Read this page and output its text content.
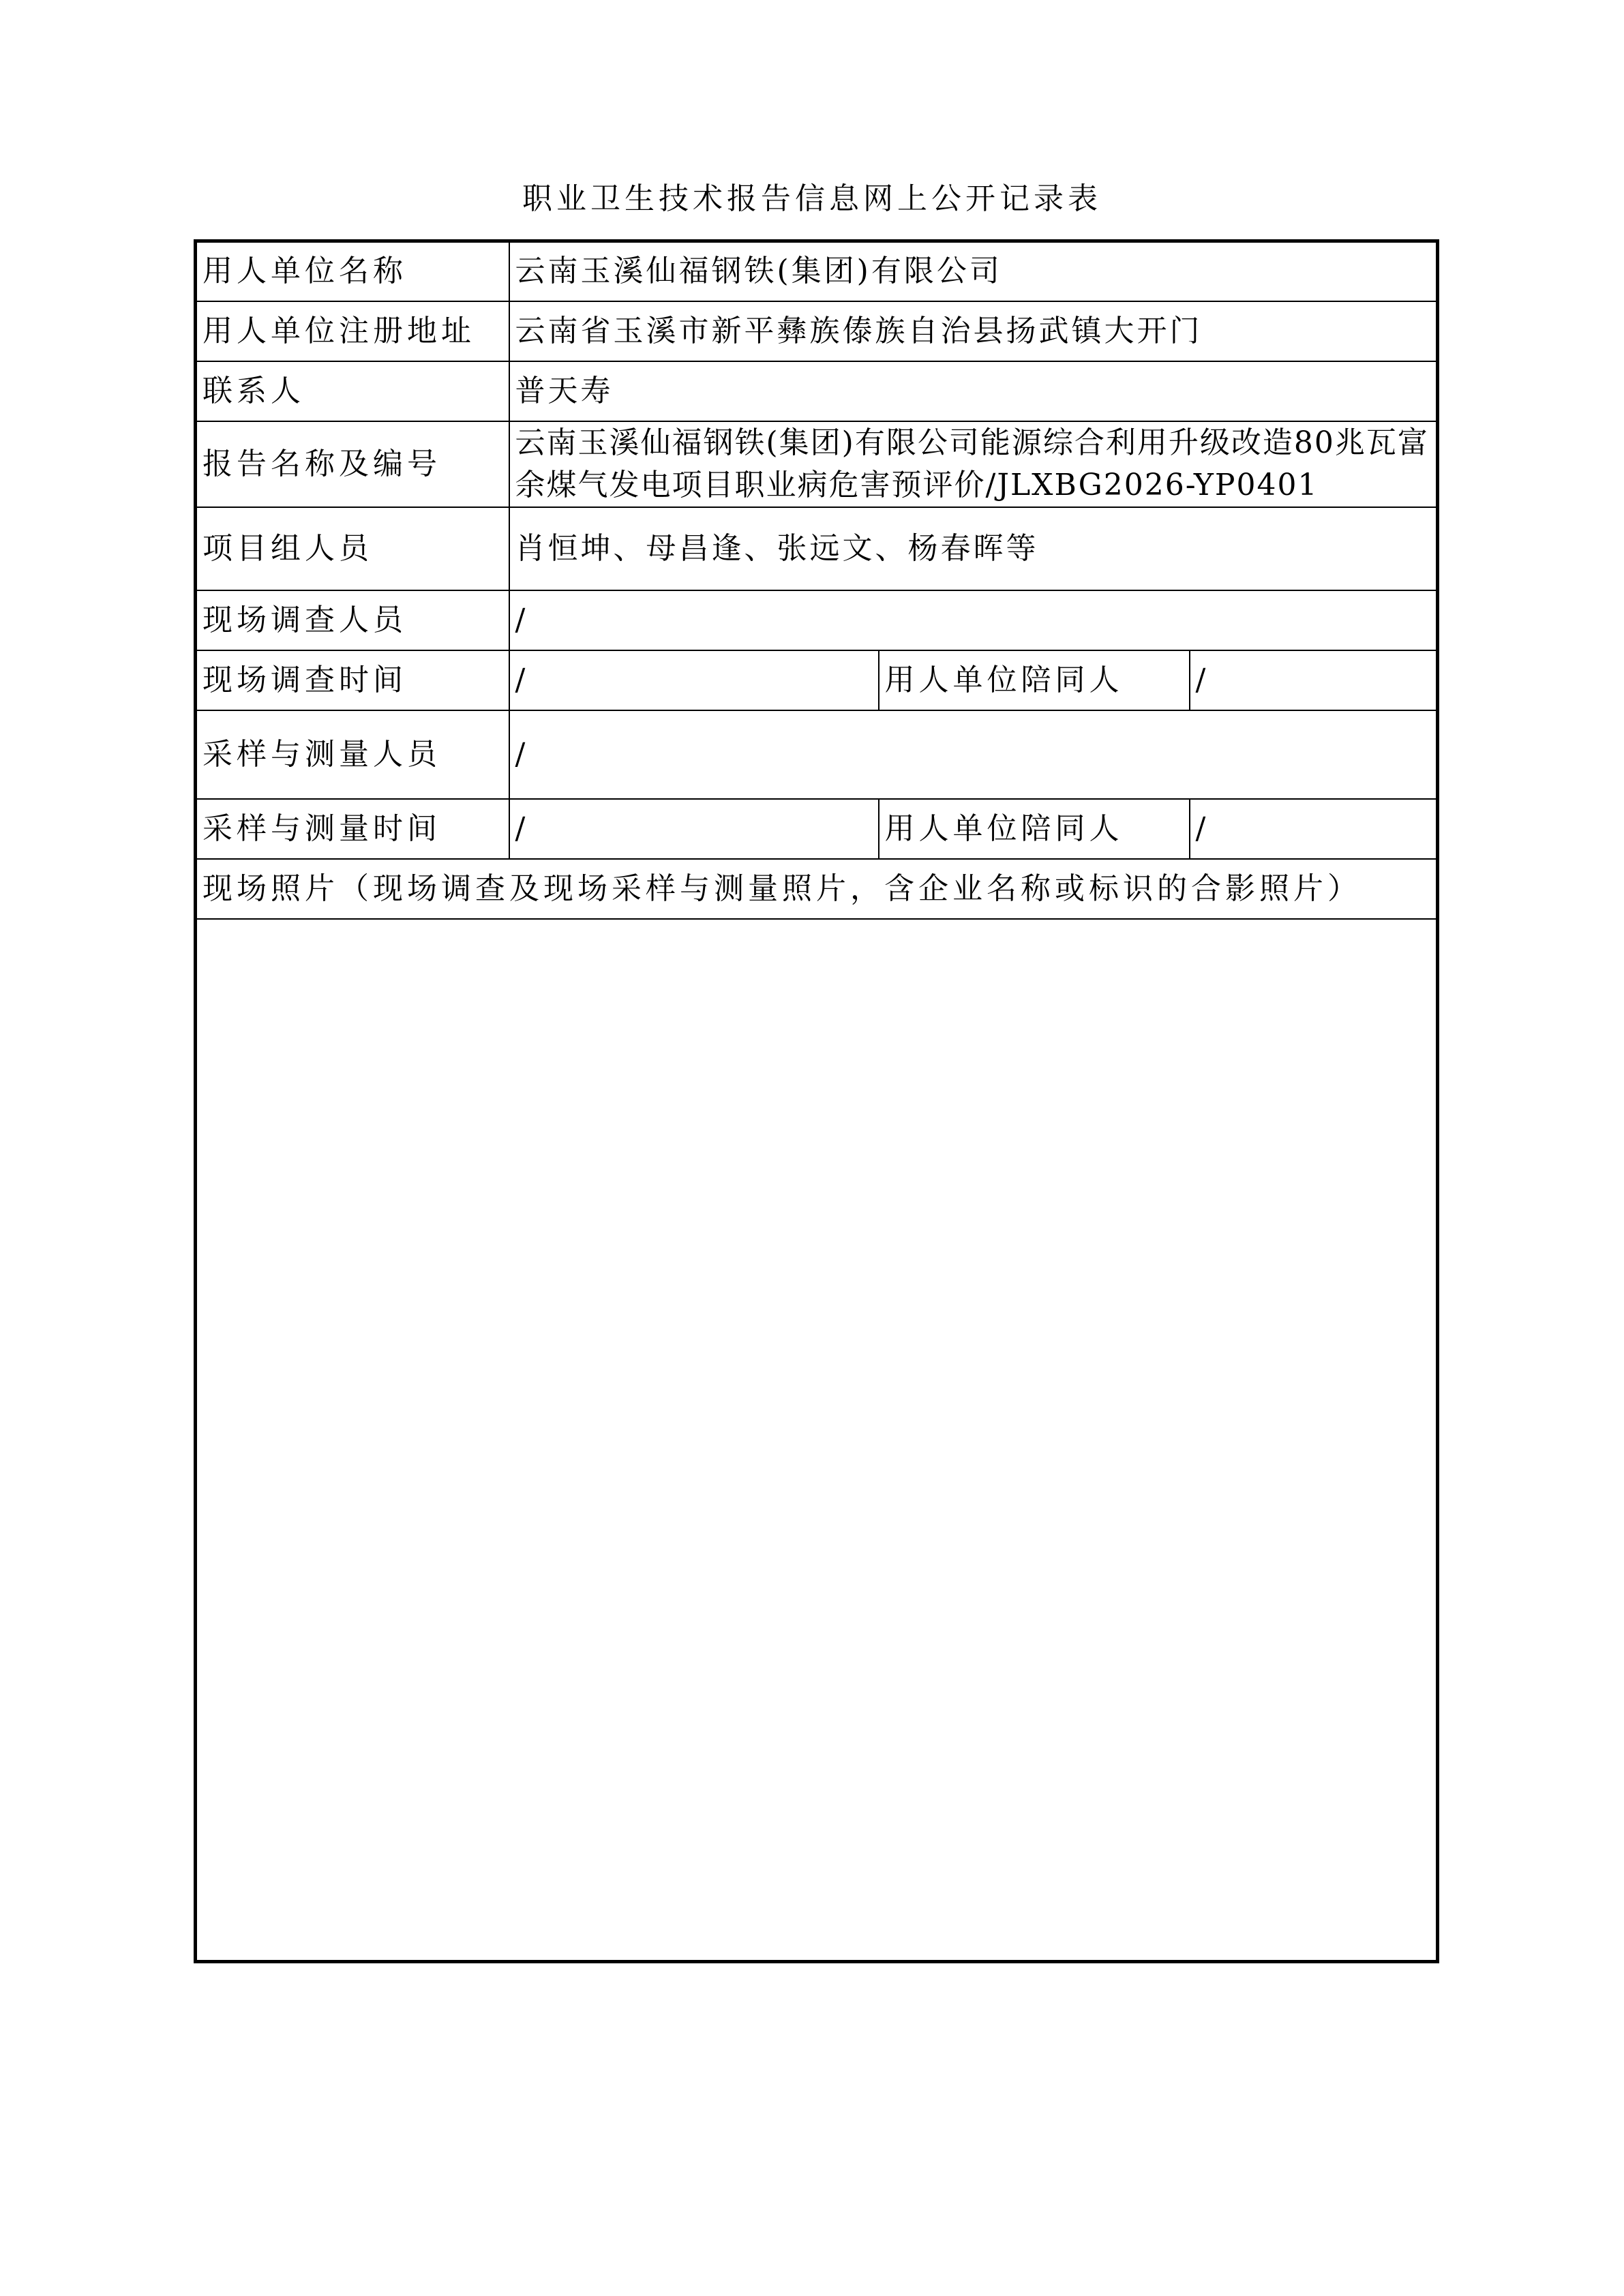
职业卫生技术报告信息网上公开记录表
用人单位名称	云南玉溪仙福钢铁(集团)有限公司		
用人单位注册地址	云南省玉溪市新平彝族傣族自治县扬武镇大开门		
联系人	普天寿		
报告名称及编号	云南玉溪仙福钢铁(集团)有限公司能源综合利用升级改造80兆瓦富余煤气发电项目职业病危害预评价/JLXBG2026-YP0401		
项目组人员	肖恒坤、母昌逢、张远文、杨春晖等		
现场调查人员	/		
现场调查时间	/	用人单位陪同人	/
采样与测量人员	/		
采样与测量时间	/	用人单位陪同人	/
现场照片（现场调查及现场采样与测量照片，含企业名称或标识的合影照片）			
